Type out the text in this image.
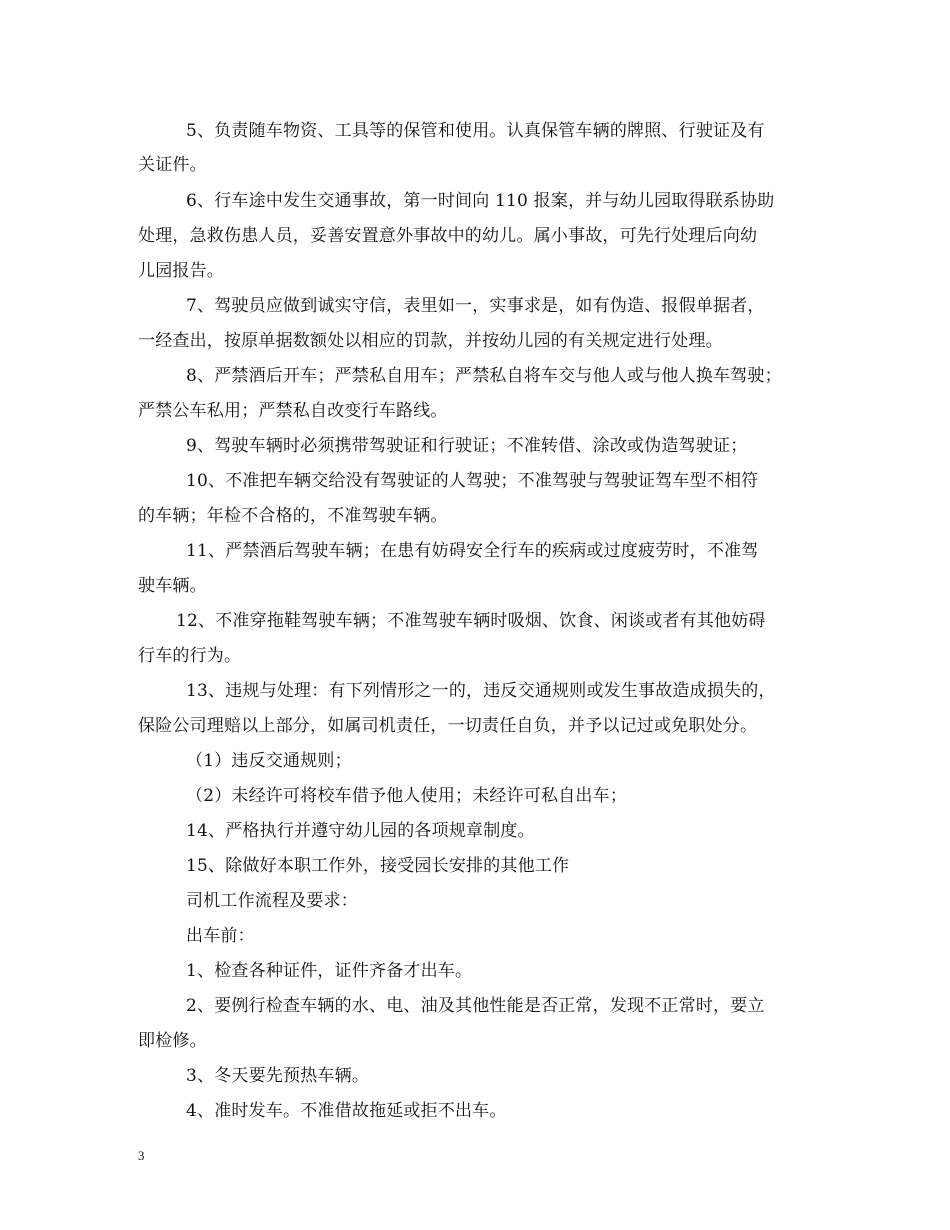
5、负责随车物资、工具等的保管和使用。认真保管车辆的牌照、行驶证及有
关证件。
6、行车途中发生交通事故，第一时间向 110 报案，并与幼儿园取得联系协助
处理，急救伤患人员，妥善安置意外事故中的幼儿。属小事故，可先行处理后向幼
儿园报告。
7、驾驶员应做到诚实守信，表里如一，实事求是，如有伪造、报假单据者，
一经查出，按原单据数额处以相应的罚款，并按幼儿园的有关规定进行处理。
8、严禁酒后开车；严禁私自用车；严禁私自将车交与他人或与他人换车驾驶；
严禁公车私用；严禁私自改变行车路线。
9、驾驶车辆时必须携带驾驶证和行驶证；不准转借、涂改或伪造驾驶证；
10、不准把车辆交给没有驾驶证的人驾驶；不准驾驶与驾驶证驾车型不相符
的车辆；年检不合格的，不准驾驶车辆。
11、严禁酒后驾驶车辆；在患有妨碍安全行车的疾病或过度疲劳时，不准驾
驶车辆。
12、不准穿拖鞋驾驶车辆；不准驾驶车辆时吸烟、饮食、闲谈或者有其他妨碍
行车的行为。
13、违规与处理：有下列情形之一的，违反交通规则或发生事故造成损失的，
保险公司理赔以上部分，如属司机责任，一切责任自负，并予以记过或免职处分。
（1）违反交通规则；
（2）未经许可将校车借予他人使用；未经许可私自出车；
14、严格执行并遵守幼儿园的各项规章制度。
15、除做好本职工作外，接受园长安排的其他工作
司机工作流程及要求：
出车前：
1、检查各种证件，证件齐备才出车。
2、要例行检查车辆的水、电、油及其他性能是否正常，发现不正常时，要立
即检修。
3、冬天要先预热车辆。
4、准时发车。不准借故拖延或拒不出车。
3
